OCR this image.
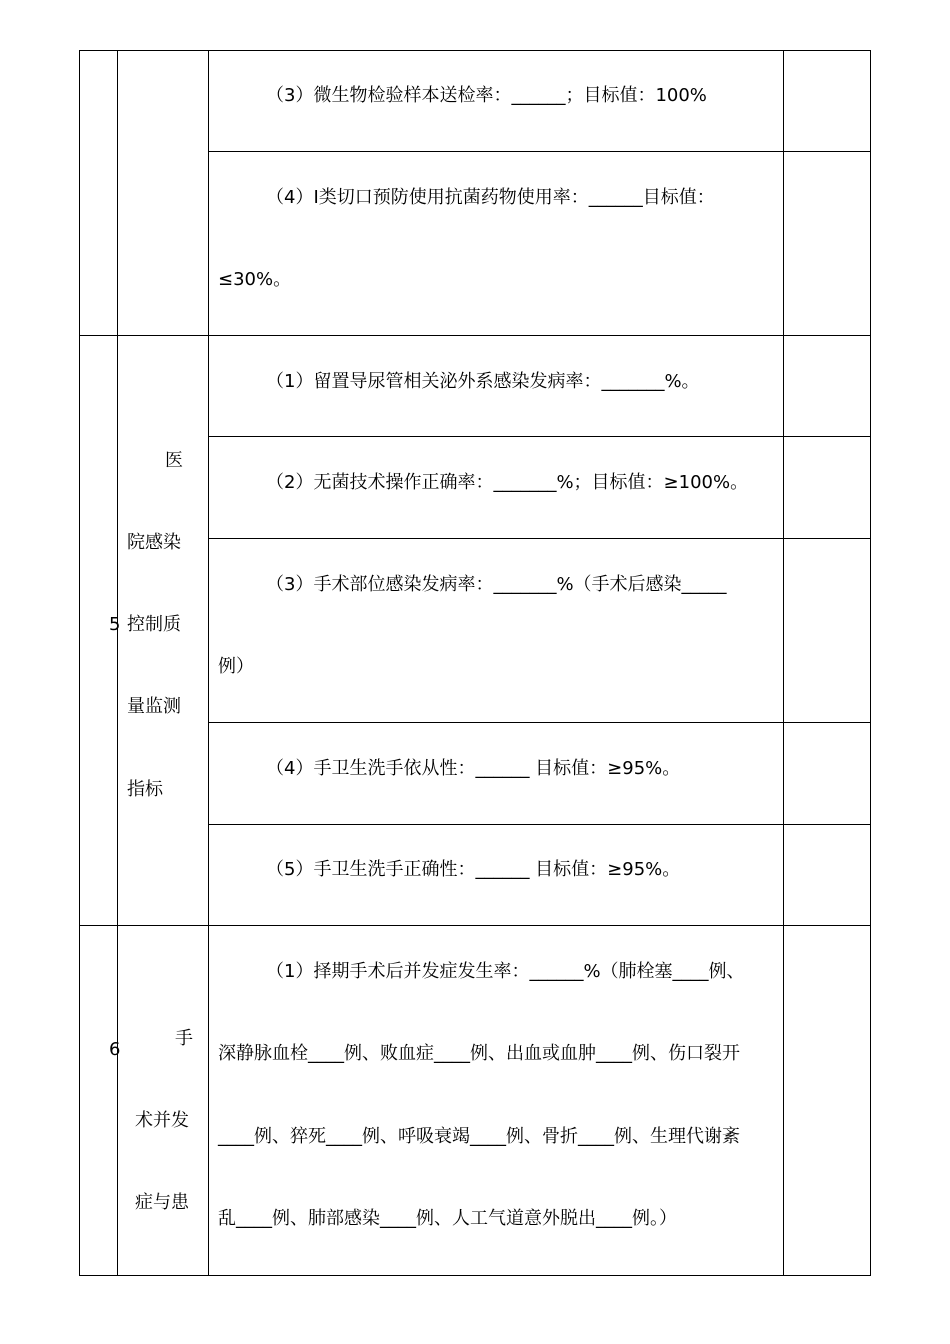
（3）微生物检验样本送检率：______；目标值：100%
（4）Ⅰ类切口预防使用抗菌药物使用率：______目标值：
≤30%。
5
医
院感染
控制质
量监测
指标
（1）留置导尿管相关泌外系感染发病率：_______%。
（2）无菌技术操作正确率：_______%；目标值：≥100%。
（3）手术部位感染发病率：_______%（手术后感染_____
例）
（4）手卫生洗手依从性：______ 目标值：≥95%。
（5）手卫生洗手正确性：______ 目标值：≥95%。
6
手
术并发
症与患
（1）择期手术后并发症发生率：______%（肺栓塞____例、
深静脉血栓____例、败血症____例、出血或血肿____例、伤口裂开
____例、猝死____例、呼吸衰竭____例、骨折____例、生理代谢紊
乱____例、肺部感染____例、人工气道意外脱出____例。）
